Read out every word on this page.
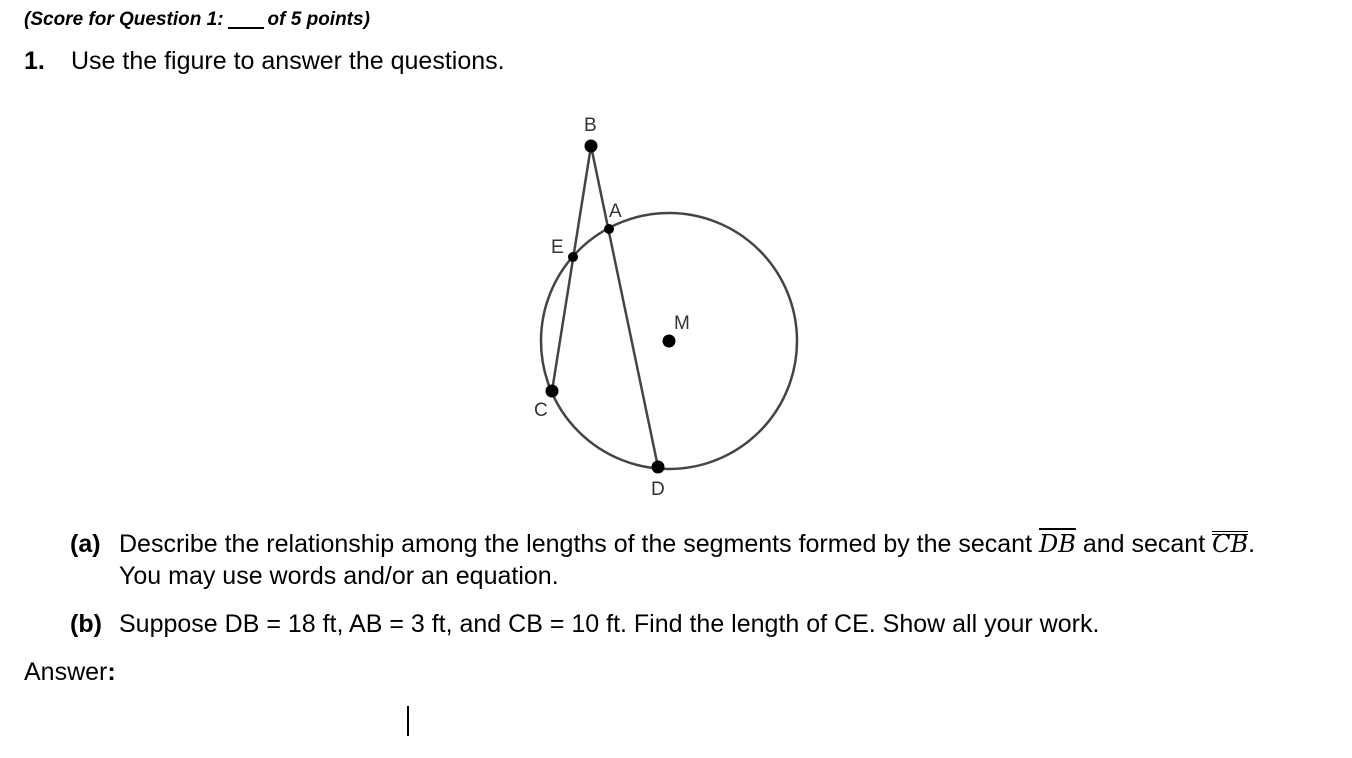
(Score for Question 1: of 5 points)
1. Use the figure to answer the questions.
B
A
E
M
C
D
(a) Describe the relationship among the lengths of the segments formed by the secant $\overline{DB}$ and secant CB.
You may use words and/or an equation.
(b) Suppose DB = 18 ft, AB = 3 ft, and CB = 10 ft. Find the length of CE. Show all your work.
Answer:
